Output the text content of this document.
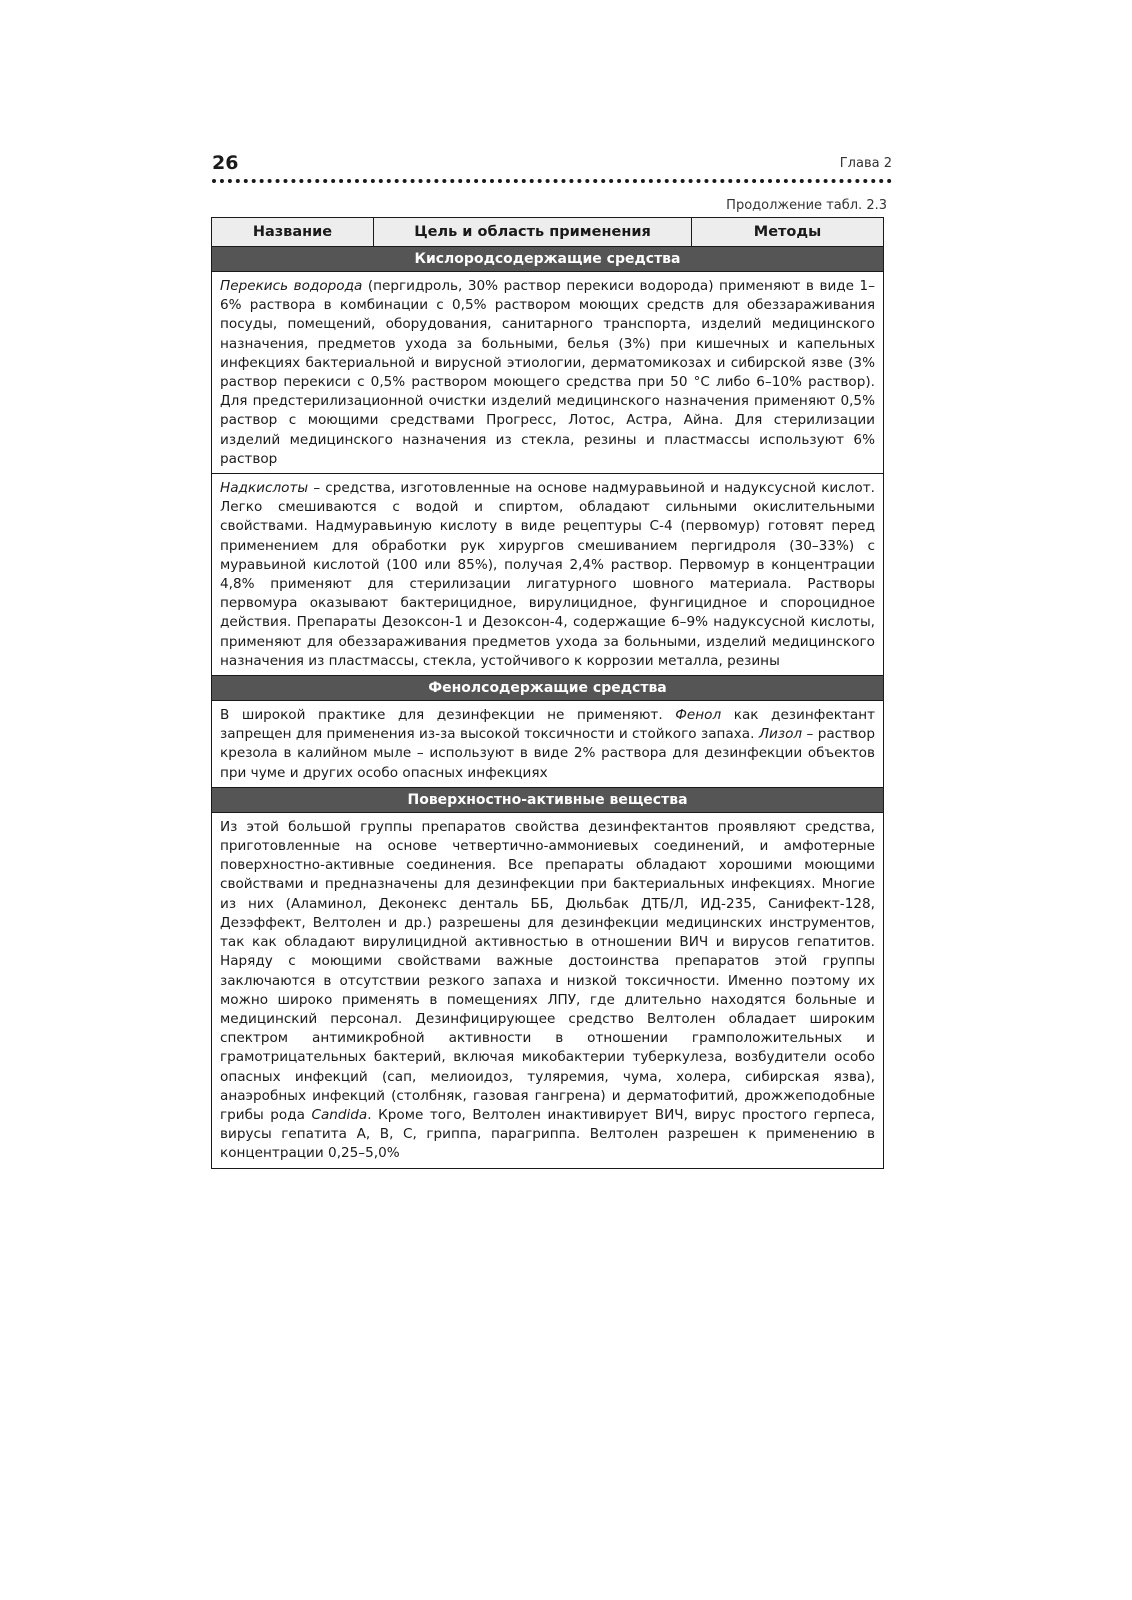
26	Глава 2
Продолжение табл. 2.3
Название	Цель и область применения	Методы
Кислородсодержащие средства

Перекись водорода (пергидроль, 30% раствор перекиси водорода) применяют в виде 1–6% раствора в комбинации с 0,5% раствором моющих средств для обеззараживания посуды, помещений, оборудования, санитарного транспорта, изделий медицинского назначения, предметов ухода за больными, белья (3%) при кишечных и капельных инфекциях бактериальной и вирусной этиологии, дерматомикозах и сибирской язве (3% раствор перекиси с 0,5% раствором моющего средства при 50 °С либо 6–10% раствор). Для предстерилизационной очистки изделий медицинского назначения применяют 0,5% раствор с моющими средствами Прогресс, Лотос, Астра, Айна. Для стерилизации изделий медицинского назначения из стекла, резины и пластмассы используют 6% раствор

Надкислоты – средства, изготовленные на основе надмуравьиной и надуксусной кислот. Легко смешиваются с водой и спиртом, обладают сильными окислительными свойствами. Надмуравьиную кислоту в виде рецептуры С-4 (первомур) готовят перед применением для обработки рук хирургов смешиванием пергидроля (30–33%) с муравьиной кислотой (100 или 85%), получая 2,4% раствор. Первомур в концентрации 4,8% применяют для стерилизации лигатурного шовного материала. Растворы первомура оказывают бактерицидное, вирулицидное, фунгицидное и спороцидное действия. Препараты Дезоксон-1 и Дезоксон-4, содержащие 6–9% надуксусной кислоты, применяют для обеззараживания предметов ухода за больными, изделий медицинского назначения из пластмассы, стекла, устойчивого к коррозии металла, резины

Фенолсодержащие средства

В широкой практике для дезинфекции не применяют. Фенол как дезинфектант запрещен для применения из-за высокой токсичности и стойкого запаха. Лизол – раствор крезола в калийном мыле – используют в виде 2% раствора для дезинфекции объектов при чуме и других особо опасных инфекциях

Поверхностно-активные вещества

Из этой большой группы препаратов свойства дезинфектантов проявляют средства, приготовленные на основе четвертично-аммониевых соединений, и амфотерные поверхностно-активные соединения. Все препараты обладают хорошими моющими свойствами и предназначены для дезинфекции при бактериальных инфекциях. Многие из них (Аламинол, Деконекс денталь ББ, Дюльбак ДТБ/Л, ИД-235, Санифект-128, Дезэффект, Велтолен и др.) разрешены для дезинфекции медицинских инструментов, так как обладают вирулицидной активностью в отношении ВИЧ и вирусов гепатитов. Наряду с моющими свойствами важные достоинства препаратов этой группы заключаются в отсутствии резкого запаха и низкой токсичности. Именно поэтому их можно широко применять в помещениях ЛПУ, где длительно находятся больные и медицинский персонал. Дезинфицирующее средство Велтолен обладает широким спектром антимикробной активности в отношении грамположительных и грамотрицательных бактерий, включая микобактерии туберкулеза, возбудители особо опасных инфекций (сап, мелиоидоз, туляремия, чума, холера, сибирская язва), анаэробных инфекций (столбняк, газовая гангрена) и дерматофитий, дрожжеподобные грибы рода Candida. Кроме того, Велтолен инактивирует ВИЧ, вирус простого герпеса, вирусы гепатита А, В, С, гриппа, парагриппа. Велтолен разрешен к применению в концентрации 0,25–5,0%
